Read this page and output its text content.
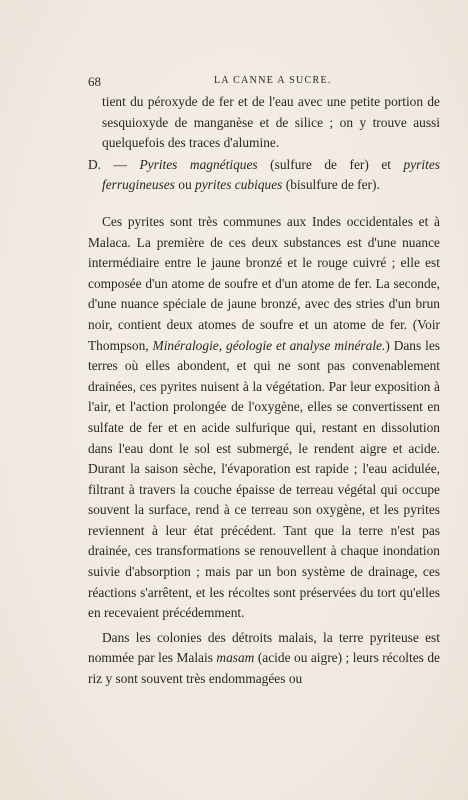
68	LA CANNE A SUCRE.

tient du péroxyde de fer et de l'eau avec une petite portion de sesquioxyde de manganèse et de silice ; on y trouve aussi quelquefois des traces d'alumine.

D. — Pyrites magnétiques (sulfure de fer) et pyrites ferrugineuses ou pyrites cubiques (bisulfure de fer).

Ces pyrites sont très communes aux Indes occidentales et à Malaca. La première de ces deux substances est d'une nuance intermédiaire entre le jaune bronzé et le rouge cuivré ; elle est composée d'un atome de soufre et d'un atome de fer. La seconde, d'une nuance spéciale de jaune bronzé, avec des stries d'un brun noir, contient deux atomes de soufre et un atome de fer. (Voir Thompson, Minéralogie, géologie et analyse minérale.) Dans les terres où elles abondent, et qui ne sont pas convenablement drainées, ces pyrites nuisent à la végétation. Par leur exposition à l'air, et l'action prolongée de l'oxygène, elles se convertissent en sulfate de fer et en acide sulfurique qui, restant en dissolution dans l'eau dont le sol est submergé, le rendent aigre et acide. Durant la saison sèche, l'évaporation est rapide ; l'eau acidulée, filtrant à travers la couche épaisse de terreau végétal qui occupe souvent la surface, rend à ce terreau son oxygène, et les pyrites reviennent à leur état précédent. Tant que la terre n'est pas drainée, ces transformations se renouvellent à chaque inondation suivie d'absorption ; mais par un bon système de drainage, ces réactions s'arrêtent, et les récoltes sont préservées du tort qu'elles en recevaient précédemment.

Dans les colonies des détroits malais, la terre pyriteuse est nommée par les Malais masam (acide ou aigre) ; leurs récoltes de riz y sont souvent très endommagées ou
